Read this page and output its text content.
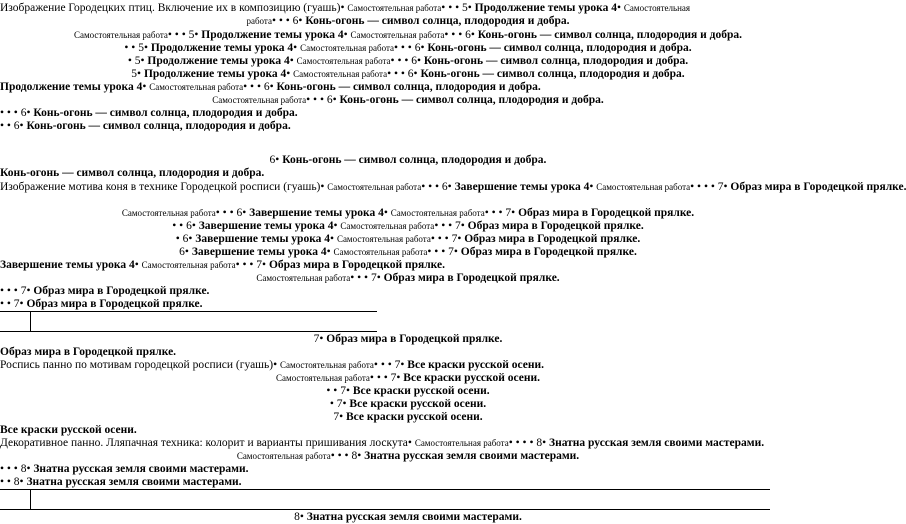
Изображение Городецких птиц. Включение их в композицию (гуашь)• Самостоятельная работа• • • 5• Продолжение темы урока 4• Самостоятельная

работа• • • 6• Конь-огонь — символ солнца, плодородия и добра.

Самостоятельная работа• • • 5• Продолжение темы урока 4• Самостоятельная работа• • • 6• Конь-огонь — символ солнца, плодородия и добра.

• • 5• Продолжение темы урока 4• Самостоятельная работа• • • 6• Конь-огонь — символ солнца, плодородия и добра.

• 5• Продолжение темы урока 4• Самостоятельная работа• • • 6• Конь-огонь — символ солнца, плодородия и добра.

5• Продолжение темы урока 4• Самостоятельная работа• • • 6• Конь-огонь — символ солнца, плодородия и добра.

Продолжение темы урока 4• Самостоятельная работа• • • 6• Конь-огонь — символ солнца, плодородия и добра.

Самостоятельная работа• • • 6• Конь-огонь — символ солнца, плодородия и добра.

• • • 6• Конь-огонь — символ солнца, плодородия и добра.

• • 6• Конь-огонь — символ солнца, плодородия и добра.

6• Конь-огонь — символ солнца, плодородия и добра.

Конь-огонь — символ солнца, плодородия и добра.

Изображение мотива коня в технике Городецкой росписи (гуашь)• Самостоятельная работа• • • 6• Завершение темы урока 4• Самостоятельная работа• • • • 7• Образ мира в Городецкой прялке.

Самостоятельная работа• • • 6• Завершение темы урока 4• Самостоятельная работа• • • 7• Образ мира в Городецкой прялке.

• • 6• Завершение темы урока 4• Самостоятельная работа• • • 7• Образ мира в Городецкой прялке.

• 6• Завершение темы урока 4• Самостоятельная работа• • • 7• Образ мира в Городецкой прялке.

6• Завершение темы урока 4• Самостоятельная работа• • • 7• Образ мира в Городецкой прялке.

Завершение темы урока 4• Самостоятельная работа• • • 7• Образ мира в Городецкой прялке.

Самостоятельная работа• • • 7• Образ мира в Городецкой прялке.

• • • 7• Образ мира в Городецкой прялке.

• • 7• Образ мира в Городецкой прялке.

7• Образ мира в Городецкой прялке.

Образ мира в Городецкой прялке.

Роспись панно по мотивам городецкой росписи (гуашь)• Самостоятельная работа• • • 7• Все краски русской осени.

Самостоятельная работа• • • 7• Все краски русской осени.

• • 7• Все краски русской осени.

• 7• Все краски русской осени.

7• Все краски русской осени.

Все краски русской осени.

Декоративное панно. Лляпачная техника: колорит и варианты пришивания лоскута• Самостоятельная работа• • • • 8• Знатна русская земля своими мастерами.

Самостоятельная работа• • • 8• Знатна русская земля своими мастерами.

• • • 8• Знатна русская земля своими мастерами.

• • 8• Знатна русская земля своими мастерами.

8• Знатна русская земля своими мастерами.
